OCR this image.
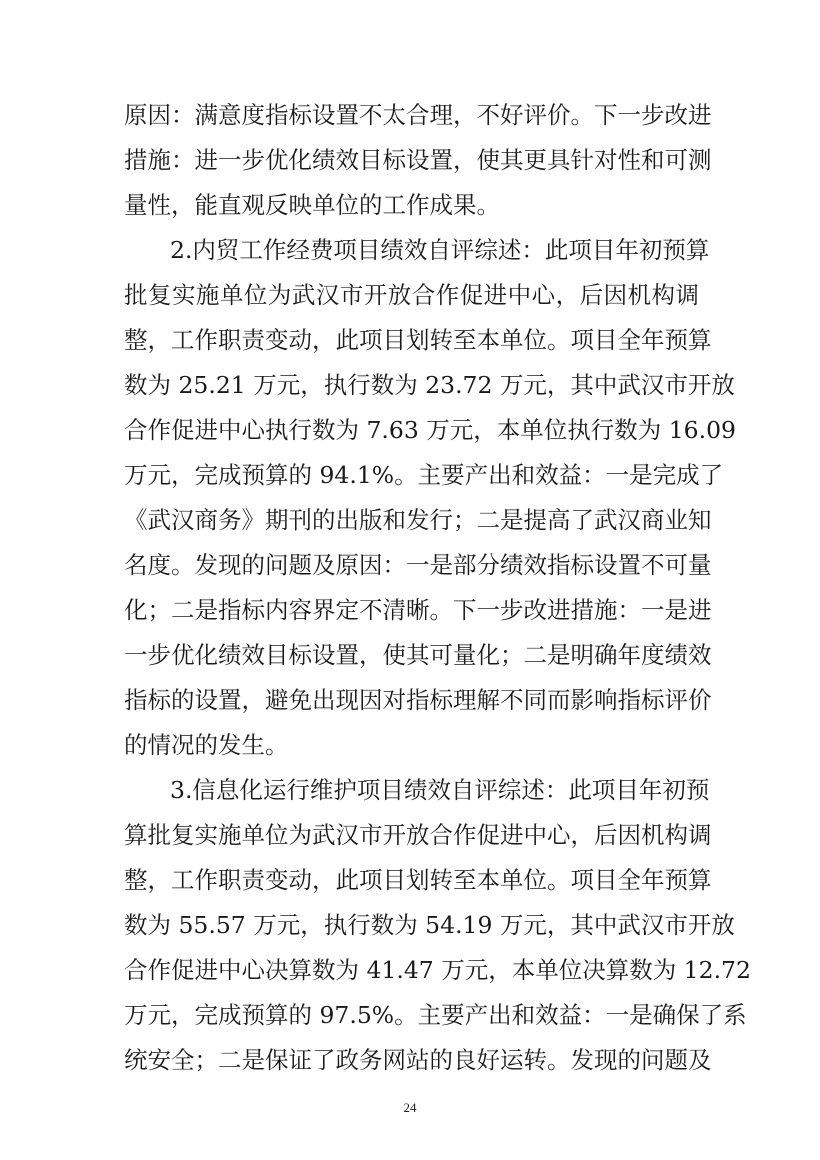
原因：满意度指标设置不太合理，不好评价。下一步改进
措施：进一步优化绩效目标设置，使其更具针对性和可测
量性，能直观反映单位的工作成果。
2.内贸工作经费项目绩效自评综述：此项目年初预算
批复实施单位为武汉市开放合作促进中心，后因机构调
整，工作职责变动，此项目划转至本单位。项目全年预算
数为 25.21 万元，执行数为 23.72 万元，其中武汉市开放
合作促进中心执行数为 7.63 万元，本单位执行数为 16.09
万元，完成预算的 94.1%。主要产出和效益：一是完成了
《武汉商务》期刊的出版和发行；二是提高了武汉商业知
名度。发现的问题及原因：一是部分绩效指标设置不可量
化；二是指标内容界定不清晰。下一步改进措施：一是进
一步优化绩效目标设置，使其可量化；二是明确年度绩效
指标的设置，避免出现因对指标理解不同而影响指标评价
的情况的发生。
3.信息化运行维护项目绩效自评综述：此项目年初预
算批复实施单位为武汉市开放合作促进中心，后因机构调
整，工作职责变动，此项目划转至本单位。项目全年预算
数为 55.57 万元，执行数为 54.19 万元，其中武汉市开放
合作促进中心决算数为 41.47 万元，本单位决算数为 12.72
万元，完成预算的 97.5%。主要产出和效益：一是确保了系
统安全；二是保证了政务网站的良好运转。发现的问题及
24
